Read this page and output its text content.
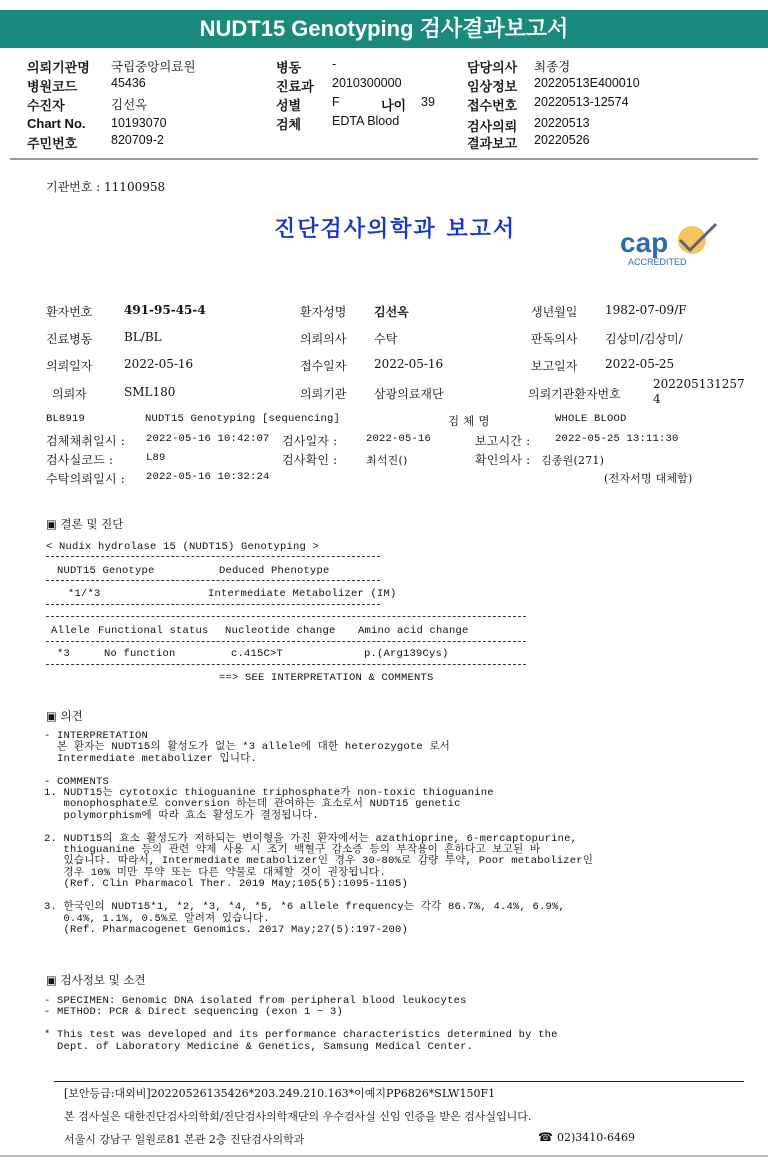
NUDT15 Genotyping 검사결과보고서
의뢰기관명 국립중앙의료원
병원코드	45436
수진자	김선옥
Chart No. 10193070
주민번호	820709-2
병동 -
진료과 2010300000
성별 F	나이 39
검체 EDTA Blood
담당의사 최종경
임상정보 20220513E400010
접수번호 20220513-12574
검사의뢰 20220513
결과보고 20220526
기관번호 : 11100958
진단검사의학과 보고서	cap
ACCREDITED
환자번호	491-95-45-4	환자성명 김선옥	생년월일 1982-07-09/F
진료병동	BL/BL	의뢰의사 수탁	판독의사 김상미/김상미/
의뢰일자	2022-05-16	접수일자 2022-05-16	보고일자 2022-05-25
의뢰자	SML180	의뢰기관 삼광의료재단	의뢰기관환자번호
202205131257
4
BL8919	NUDT15 Genotyping [sequencing]	검 체 명	WHOLE BLOOD
검체채취일시 : 2022-05-16 10:42:07 검사일자 :	2022-05-16	보고시간 : 2022-05-25 13:11:30
검사실코드 :	L89	검사확인 :	최석진()	확인의사 : 김종원(271)
수탁의뢰일시 : 2022-05-16 10:32:24	(전자서명 대체함)
▣ 결론 및 진단
< Nudix hydrolase 15 (NUDT15) Genotyping >
NUDT15 Genotype	Deduced Phenotype
*1/*3	Intermediate Metabolizer (IM)
Allele Functional status Nucleotide change Amino acid change
*3	No function	c.415C>T	p.(Arg139Cys)
==> SEE INTERPRETATION & COMMENTS
▣ 의견
- INTERPRETATION
본 환자는 NUDT15의 활성도가 없는 *3 allele에 대한 heterozygote 로서
Intermediate metabolizer 입니다.

- COMMENTS
1. NUDT15는 cytotoxic thioguanine triphosphate가 non-toxic thioguanine
monophosphate로 conversion 하는데 관여하는 효소로서 NUDT15 genetic
polymorphism에 따라 효소 활성도가 결정됩니다.

2. NUDT15의 효소 활성도가 저하되는 변이형을 가진 환자에서는 azathioprine, 6-mercaptopurine,
thioguanine 등의 관련 약제 사용 시 조기 백혈구 감소증 등의 부작용이 흔하다고 보고된 바
있습니다. 따라서, Intermediate metabolizer인 경우 30-80%로 감량 투약, Poor metabolizer인
경우 10% 미만 투약 또는 다른 약물로 대체할 것이 권장됩니다.
(Ref. Clin Pharmacol Ther. 2019 May;105(5):1095-1105)

3. 한국인의 NUDT15*1, *2, *3, *4, *5, *6 allele frequency는 각각 86.7%, 4.4%, 6.9%,
0.4%, 1.1%, 0.5%로 알려져 있습니다.
(Ref. Pharmacogenet Genomics. 2017 May;27(5):197-200)
▣ 검사정보 및 소견
- SPECIMEN: Genomic DNA isolated from peripheral blood leukocytes
- METHOD: PCR & Direct sequencing (exon 1 ~ 3)

* This test was developed and its performance characteristics determined by the
Dept. of Laboratory Medicine & Genetics, Samsung Medical Center.
[보안등급:대외비]20220526135426*203.249.210.163*이예지PP6826*SLW150F1
본 검사실은 대한진단검사의학회/진단검사의학재단의 우수검사실 신임 인증을 받은 검사실입니다.
서울시 강남구 일원로81 본관 2층 진단검사의학과	☎ 02)3410-6469
